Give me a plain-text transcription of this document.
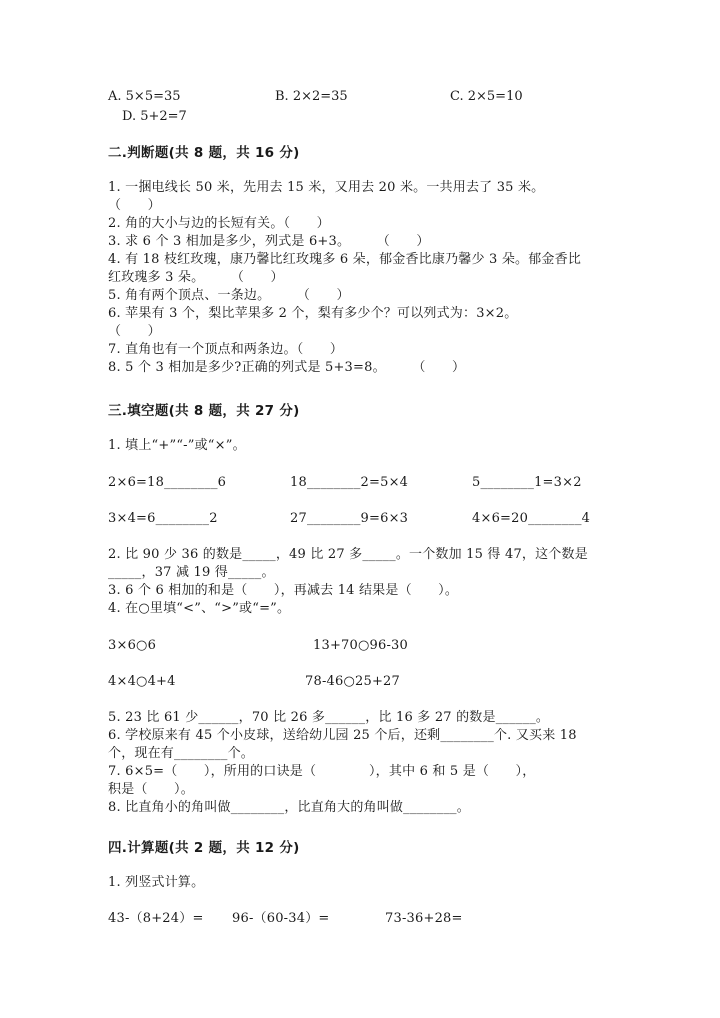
A. 5×5=35	B. 2×2=35	C. 2×5=10
D. 5+2=7
二.判断题(共 8 题，共 16 分)
1. 一捆电线长 50 米，先用去 15 米，又用去 20 米。一共用去了 35 米。
（　　）
2. 角的大小与边的长短有关。（　　）
3. 求 6 个 3 相加是多少，列式是 6+3。　　　（　　）
4. 有 18 枝红玫瑰，康乃馨比红玫瑰多 6 朵，郁金香比康乃馨少 3 朵。郁金香比
红玫瑰多 3 朵。　　　（　　）
5. 角有两个顶点、一条边。　　　（　　）
6. 苹果有 3 个，梨比苹果多 2 个，梨有多少个？可以列式为：3×2。
（　　）
7. 直角也有一个顶点和两条边。（　　）
8. 5 个 3 相加是多少?正确的列式是 5+3=8。　　　（　　）
三.填空题(共 8 题，共 27 分)
1. 填上“+”“-”或“×”。
2×6=18________6	18________2=5×4	5________1=3×2
3×4=6________2	27________9=6×3	4×6=20________4
2. 比 90 少 36 的数是_____，49 比 27 多_____。一个数加 15 得 47，这个数是
_____，37 减 19 得_____。
3. 6 个 6 相加的和是（　　），再减去 14 结果是（　　）。
4. 在○里填“<”、“>”或“=”。
3×6○6	13+70○96-30
4×4○4+4	78-46○25+27
5. 23 比 61 少______，70 比 26 多______，比 16 多 27 的数是______。
6. 学校原来有 45 个小皮球，送给幼儿园 25 个后，还剩________个. 又买来 18
个，现在有________个。
7. 6×5=（　　），所用的口诀是（　　　　），其中 6 和 5 是（　　），
积是（　　）。
8. 比直角小的角叫做________，比直角大的角叫做________。
四.计算题(共 2 题，共 12 分)
1. 列竖式计算。
43-（8+24）= 96-（60-34）=	73-36+28=
